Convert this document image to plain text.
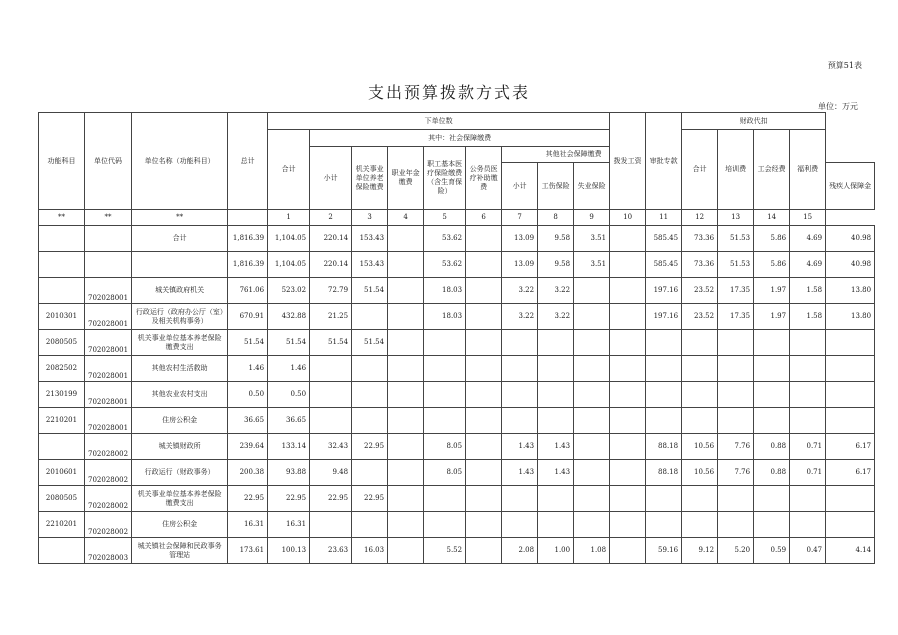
预算51表
支出预算拨款方式表
单位：万元
功能科目	单位代码	单位名称（功能科目）	总计	下单位数									拨发工资	审批专款	财政代扣				
				合计	其中：社会保障缴费										合计	培训费	工会经费	福利费	
					小计	机关事业单位养老保险缴费	职业年金缴费	职工基本医疗保险缴费（含生育保险）	公务员医疗补助缴费	其他社会保障缴费									
										小计	工伤保险	失业保险							残疾人保障金
**	**	**		1	2	3	4	5	6	7	8	9	10	11	12	13	14	15	
		合计	1,816.39	1,104.05	220.14	153.43		53.62		13.09	9.58	3.51		585.45	73.36	51.53	5.86	4.69	40.98
			1,816.39	1,104.05	220.14	153.43		53.62		13.09	9.58	3.51		585.45	73.36	51.53	5.86	4.69	40.98
	702028001	城关镇政府机关	761.06	523.02	72.79	51.54		18.03		3.22	3.22			197.16	23.52	17.35	1.97	1.58	13.80
2010301	702028001	行政运行（政府办公厅（室）及相关机构事务）	670.91	432.88	21.25			18.03		3.22	3.22			197.16	23.52	17.35	1.97	1.58	13.80
2080505	702028001	机关事业单位基本养老保险缴费支出	51.54	51.54	51.54	51.54													
2082502	702028001	其他农村生活救助	1.46	1.46															
2130199	702028001	其他农业农村支出	0.50	0.50															
2210201	702028001	住房公积金	36.65	36.65															
	702028002	城关镇财政所	239.64	133.14	32.43	22.95		8.05		1.43	1.43			88.18	10.56	7.76	0.88	0.71	6.17
2010601	702028002	行政运行（财政事务）	200.38	93.88	9.48			8.05		1.43	1.43			88.18	10.56	7.76	0.88	0.71	6.17
2080505	702028002	机关事业单位基本养老保险缴费支出	22.95	22.95	22.95	22.95													
2210201	702028002	住房公积金	16.31	16.31															
	702028003	城关镇社会保障和民政事务管理站	173.61	100.13	23.63	16.03		5.52		2.08	1.00	1.08		59.16	9.12	5.20	0.59	0.47	4.14
